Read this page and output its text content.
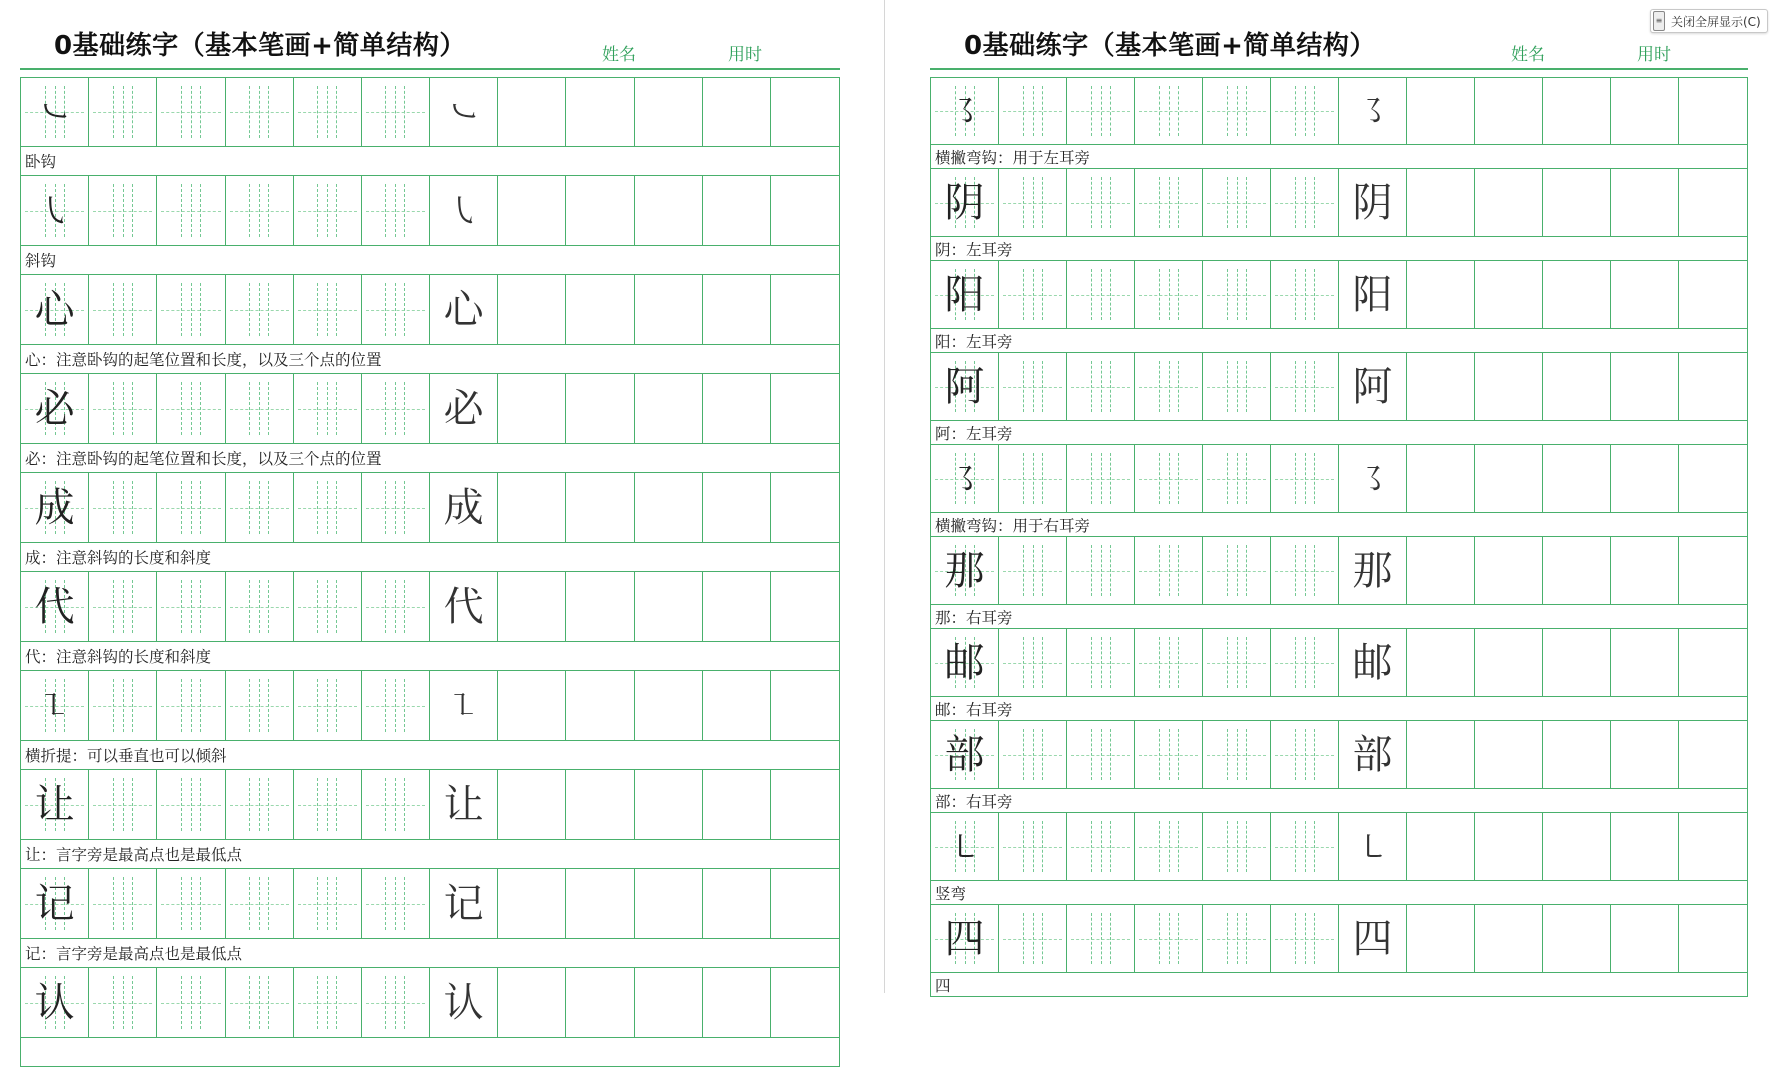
0基础练字（基本笔画+简单结构）	姓名	用时
㇃	㇃
卧钩
㇂	㇂
斜钩
心	心
心：注意卧钩的起笔位置和长度，以及三个点的位置
必	必
必：注意卧钩的起笔位置和长度，以及三个点的位置
成	成
成：注意斜钩的长度和斜度
代	代
代：注意斜钩的长度和斜度
㇅	㇅
横折提：可以垂直也可以倾斜
让	让
让：言字旁是最高点也是最低点
记	记
记：言字旁是最高点也是最低点
认	认
0基础练字（基本笔画+简单结构）	姓名	用时
㇌	㇌
横撇弯钩：用于左耳旁
阴	阴
阴：左耳旁
阳	阳
阳：左耳旁
阿	阿
阿：左耳旁
㇌	㇌
横撇弯钩：用于右耳旁
那	那
那：右耳旁
邮	邮
邮：右耳旁
部	部
部：右耳旁
㇄	㇄
竖弯
四	四
四
≡ 关闭全屏显示(C)
